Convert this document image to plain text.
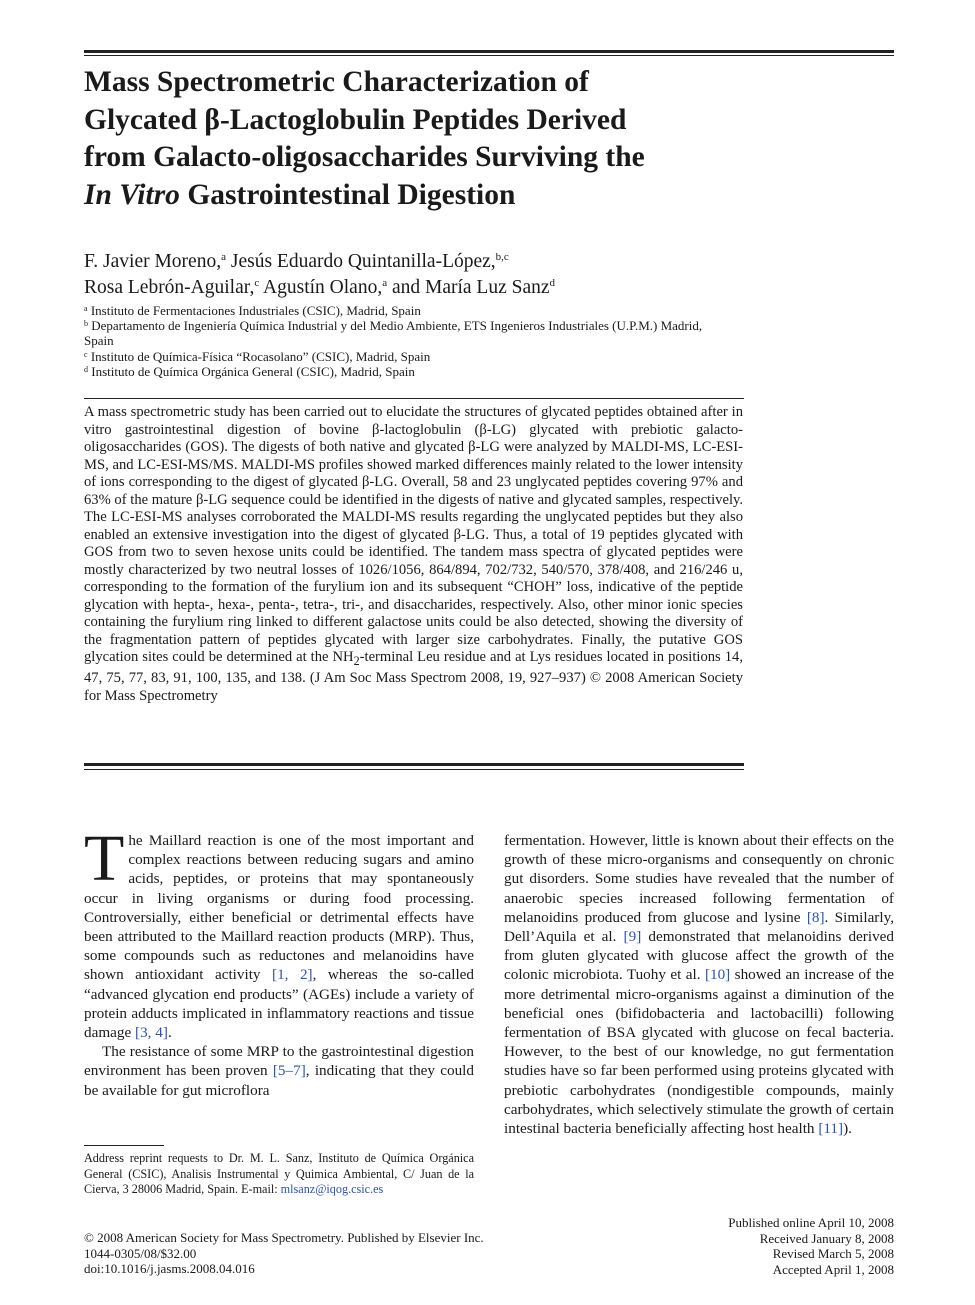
Mass Spectrometric Characterization of
Glycated β-Lactoglobulin Peptides Derived
from Galacto-oligosaccharides Surviving the
In Vitro Gastrointestinal Digestion
F. Javier Moreno,$^a$ Jesús Eduardo Quintanilla-López,$^{b,c}$
Rosa Lebrón-Aguilar,$^c$ Agustín Olano,$^a$ and María Luz Sanz$^d$
$^a$ Instituto de Fermentaciones Industriales (CSIC), Madrid, Spain
$^b$ Departamento de Ingeniería Química Industrial y del Medio Ambiente, ETS Ingenieros Industriales (U.P.M.) Madrid, Spain
$^c$ Instituto de Química-Física “Rocasolano” (CSIC), Madrid, Spain
$^d$ Instituto de Química Orgánica General (CSIC), Madrid, Spain
A mass spectrometric study has been carried out to elucidate the structures of glycated peptides obtained after in vitro gastrointestinal digestion of bovine β-lactoglobulin (β-LG) glycated with prebiotic galacto-oligosaccharides (GOS). The digests of both native and glycated β-LG were analyzed by MALDI-MS, LC-ESI-MS, and LC-ESI-MS/MS. MALDI-MS profiles showed marked differences mainly related to the lower intensity of ions corresponding to the digest of glycated β-LG. Overall, 58 and 23 unglycated peptides covering 97% and 63% of the mature β-LG sequence could be identified in the digests of native and glycated samples, respectively. The LC-ESI-MS analyses corroborated the MALDI-MS results regarding the unglycated peptides but they also enabled an extensive investigation into the digest of glycated β-LG. Thus, a total of 19 peptides glycated with GOS from two to seven hexose units could be identified. The tandem mass spectra of glycated peptides were mostly characterized by two neutral losses of 1026/1056, 864/894, 702/732, 540/570, 378/408, and 216/246 u, corresponding to the formation of the furylium ion and its subsequent “CHOH” loss, indicative of the peptide glycation with hepta-, hexa-, penta-, tetra-, tri-, and disaccharides, respectively. Also, other minor ionic species containing the furylium ring linked to different galactose units could be also detected, showing the diversity of the fragmentation pattern of peptides glycated with larger size carbohydrates. Finally, the putative GOS glycation sites could be determined at the $NH_2$-terminal Leu residue and at Lys residues located in positions 14, 47, 75, 77, 83, 91, 100, 135, and 138. (J Am Soc Mass Spectrom 2008, 19, 927–937) © 2008 American Society for Mass Spectrometry

The Maillard reaction is one of the most important and complex reactions between reducing sugars and amino acids, peptides, or proteins that may spontaneously occur in living organisms or during food processing. Controversially, either beneficial or detrimental effects have been attributed to the Maillard reaction products (MRP). Thus, some compounds such as reductones and melanoidins have shown antioxidant activity [1, 2], whereas the so-called “advanced glycation end products” (AGEs) include a variety of protein adducts implicated in inflammatory reactions and tissue damage [3, 4].

The resistance of some MRP to the gastrointestinal digestion environment has been proven [5–7], indicating that they could be available for gut microflora

fermentation. However, little is known about their effects on the growth of these micro-organisms and consequently on chronic gut disorders. Some studies have revealed that the number of anaerobic species increased following fermentation of melanoidins produced from glucose and lysine [8]. Similarly, Dell’Aquila et al. [9] demonstrated that melanoidins derived from gluten glycated with glucose affect the growth of the colonic microbiota. Tuohy et al. [10] showed an increase of the more detrimental micro-organisms against a diminution of the beneficial ones (bifidobacteria and lactobacilli) following fermentation of BSA glycated with glucose on fecal bacteria. However, to the best of our knowledge, no gut fermentation studies have so far been performed using proteins glycated with prebiotic carbohydrates (nondigestible compounds, mainly carbohydrates, which selectively stimulate the growth of certain intestinal bacteria beneficially affecting host health [11]).

Address reprint requests to Dr. M. L. Sanz, Instituto de Química Orgánica General (CSIC), Analisis Instrumental y Quimica Ambiental, C/ Juan de la Cierva, 3 28006 Madrid, Spain. E-mail: mlsanz@iqog.csic.es
© 2008 American Society for Mass Spectrometry. Published by Elsevier Inc.
1044-0305/08/$32.00
doi:10.1016/j.jasms.2008.04.016
Published online April 10, 2008
Received January 8, 2008
Revised March 5, 2008
Accepted April 1, 2008
